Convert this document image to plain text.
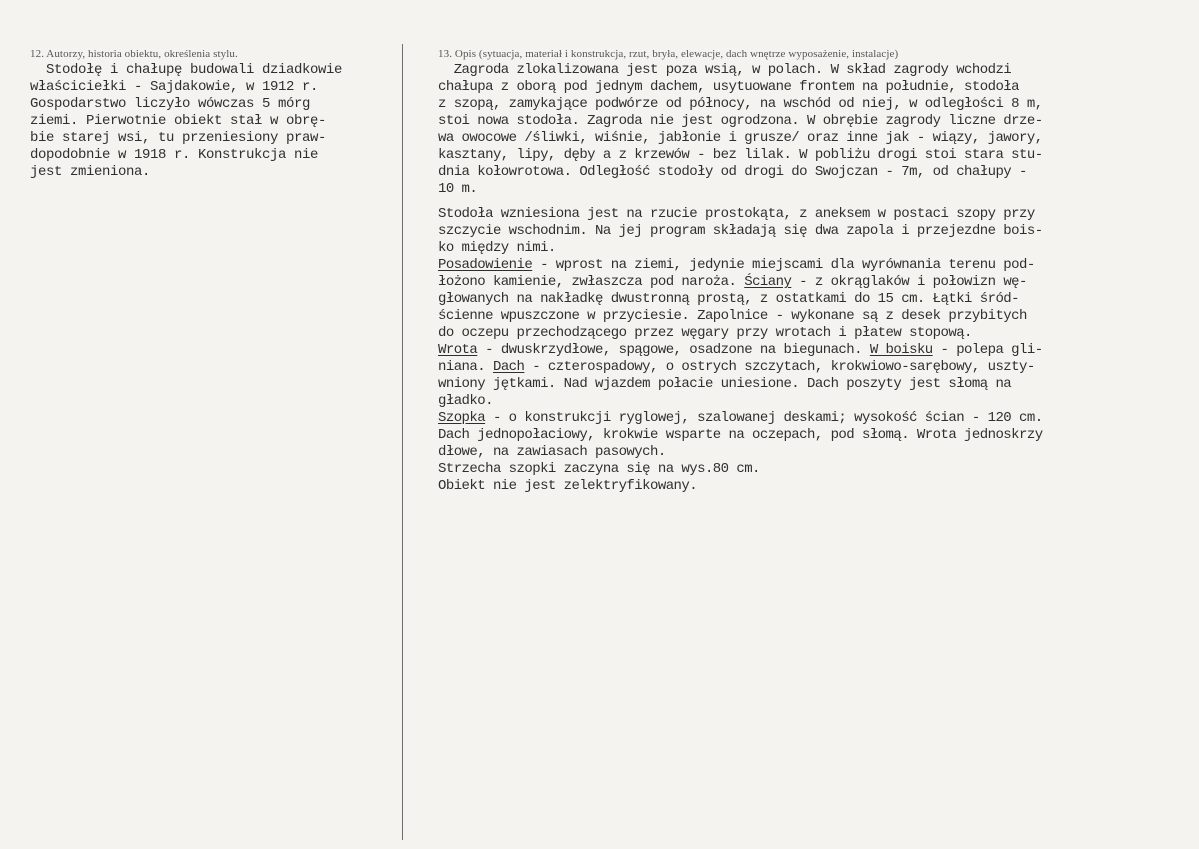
12. Autorzy, historia obiektu, określenia stylu.
Stodołę i chałupę budowali dziadkowie
właściciełki - Sajdakowie, w 1912 r.
Gospodarstwo liczyło wówczas 5 mórg
ziemi. Pierwotnie obiekt stał w obrę-
bie starej wsi, tu przeniesiony praw-
dopodobnie w 1918 r. Konstrukcja nie
jest zmieniona.
13. Opis (sytuacja, materiał i konstrukcja, rzut, bryła, elewacje, dach wnętrze wyposażenie, instalacje)
Zagroda zlokalizowana jest poza wsią, w polach. W skład zagrody wchodzi
chałupa z oborą pod jednym dachem, usytuowane frontem na południe, stodoła
z szopą, zamykające podwórze od północy, na wschód od niej, w odległości 8 m,
stoi nowa stodoła. Zagroda nie jest ogrodzona. W obrębie zagrody liczne drze-
wa owocowe /śliwki, wiśnie, jabłonie i grusze/ oraz inne jak - wiązy, jawory,
kasztany, lipy, dęby a z krzewów - bez lilak. W pobliżu drogi stoi stara stu-
dnia kołowrotowa. Odległość stodoły od drogi do Swojczan - 7m, od chałupy -
10 m.
Stodoła wzniesiona jest na rzucie prostokąta, z aneksem w postaci szopy przy
szczycie wschodnim. Na jej program składają się dwa zapola i przejezdne bois-
ko między nimi.
Posadowienie - wprost na ziemi, jedynie miejscami dla wyrównania terenu pod-
łożono kamienie, zwłaszcza pod naroża. Ściany - z okrąglaków i połowizn wę-
głowanych na nakładkę dwustronną prostą, z ostatkami do 15 cm. Łątki śród-
ścienne wpuszczone w przyciesie. Zapolnice - wykonane są z desek przybitych
do oczepu przechodzącego przez węgary przy wrotach i płatew stopową.
Wrota - dwuskrzydłowe, spągowe, osadzone na biegunach. W boisku - polepa gli-
niana. Dach - czterospadowy, o ostrych szczytach, krokwiowo-sarębowy, uszty-
wniony jętkami. Nad wjazdem połacie uniesione. Dach poszyty jest słomą na
gładko.
Szopka - o konstrukcji ryglowej, szalowanej deskami; wysokość ścian - 120 cm.
Dach jednopołaciowy, krokwie wsparte na oczepach, pod słomą. Wrota jednoskrzy
dłowe, na zawiasach pasowych.
Strzecha szopki zaczyna się na wys.80 cm.
Obiekt nie jest zelektryfikowany.
